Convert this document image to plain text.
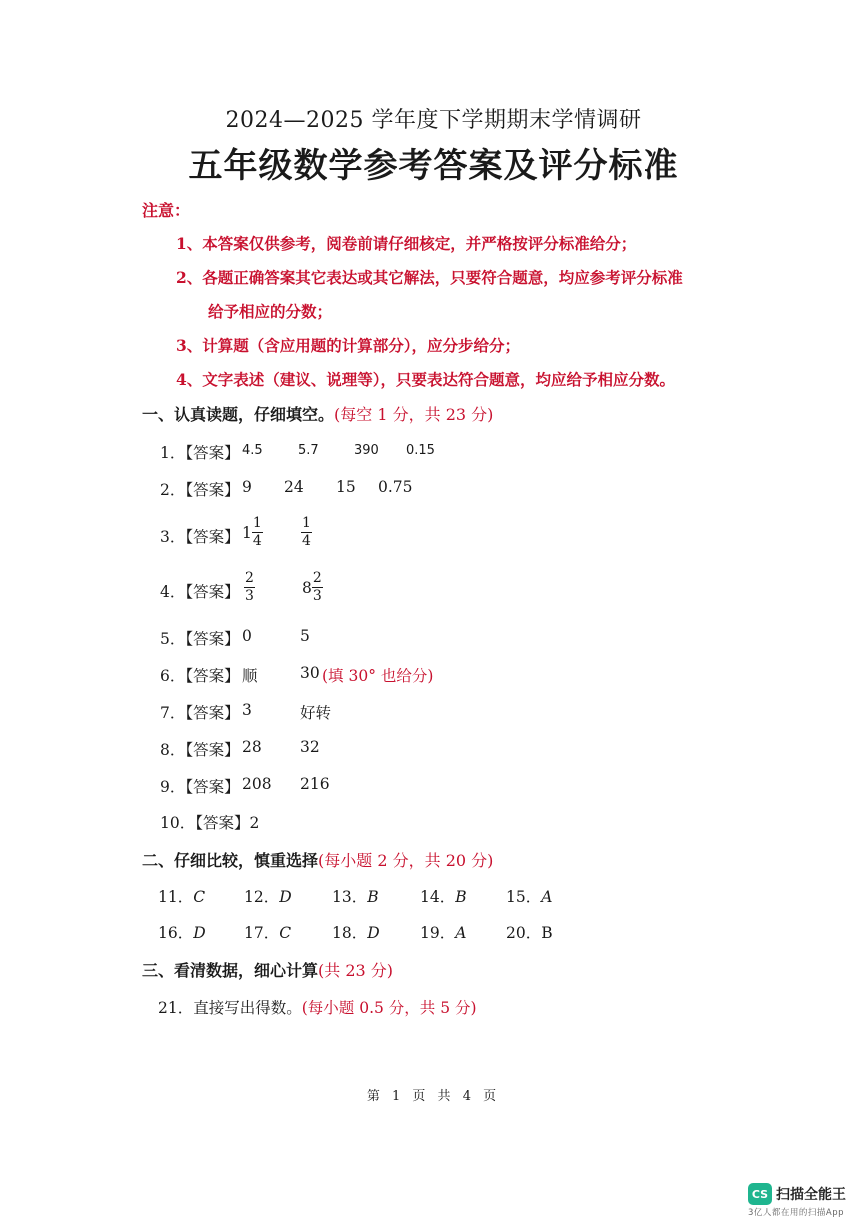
2024—2025 学年度下学期期末学情调研
五年级数学参考答案及评分标准
注意：
1、本答案仅供参考，阅卷前请仔细核定，并严格按评分标准给分；
2、各题正确答案其它表达或其它解法，只要符合题意，均应参考评分标准
给予相应的分数；
3、计算题（含应用题的计算部分），应分步给分；
4、文字表述（建议、说理等），只要表达符合题意，均应给予相应分数。
一、认真读题，仔细填空。(每空 1 分，共 23 分)
1．【答案】 4.5	5.7	390 0.15
2．【答案】 9 24 15 0.75
3．【答案】 $1 \frac{1}{4}$	$\frac{1}{4}$
4．【答案】 $\frac{2}{3}$	$8 \frac{2}{3}$
5．【答案】 0	5
6．【答案】 顺	30 (填 30° 也给分)
7．【答案】 3	好转
8．【答案】 28 32
9．【答案】 208 216
10．【答案】2
二、仔细比较，慎重选择(每小题 2 分，共 20 分)
11．C	12．D	13．B	14．B	15．A
16．D 17．C	18．D	19．A	20．B
三、看清数据，细心计算(共 23 分)
21．直接写出得数。(每小题 0.5 分，共 5 分)
第 1 页 共 4 页
CS 扫描全能王
3亿人都在用的扫描App
